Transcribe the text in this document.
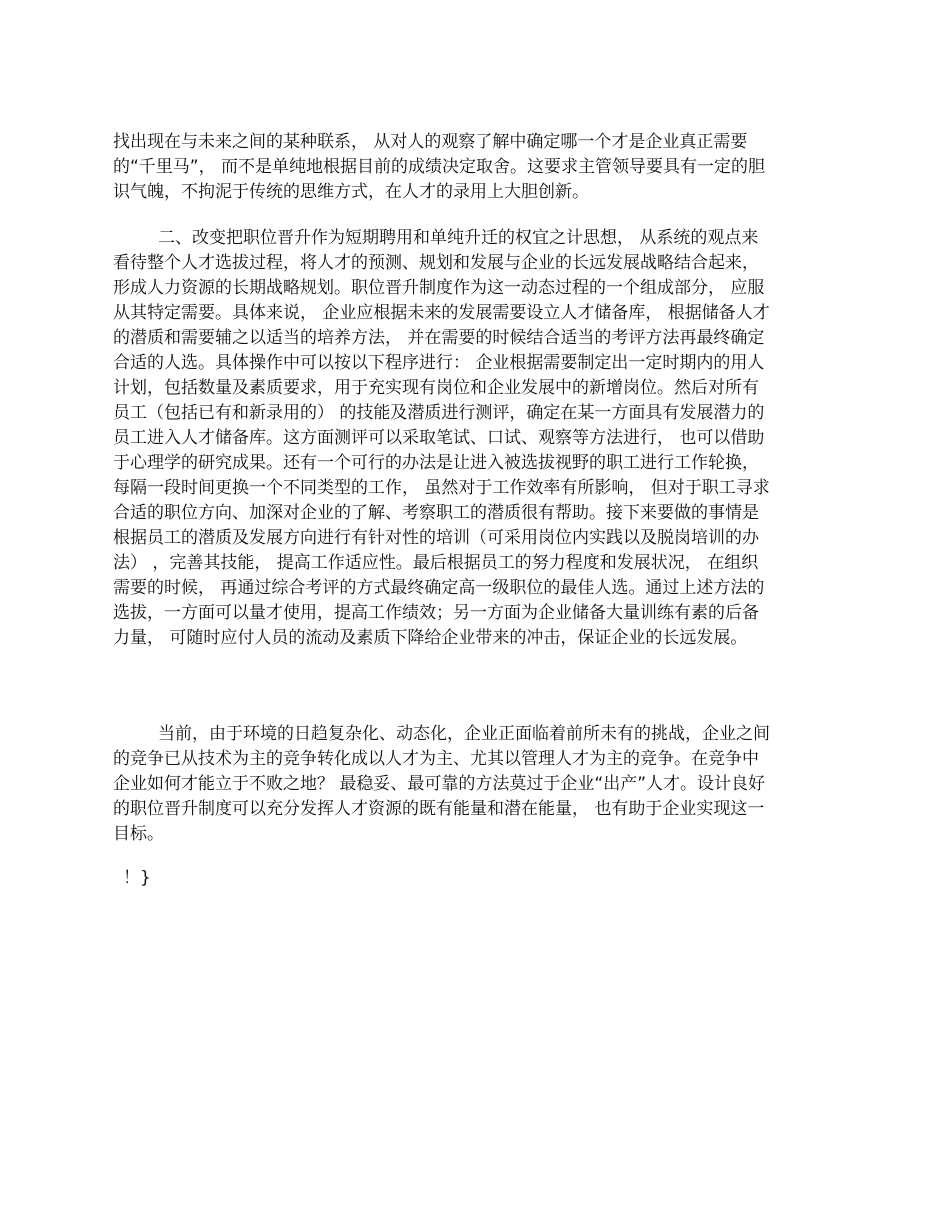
找出现在与未来之间的某种联系， 从对人的观察了解中确定哪一个才是企业真正需要的“千里马”， 而不是单纯地根据目前的成绩决定取舍。这要求主管领导要具有一定的胆识气魄，不拘泥于传统的思维方式，在人才的录用上大胆创新。

二、改变把职位晋升作为短期聘用和单纯升迁的权宜之计思想， 从系统的观点来看待整个人才选拔过程，将人才的预测、规划和发展与企业的长远发展战略结合起来， 形成人力资源的长期战略规划。职位晋升制度作为这一动态过程的一个组成部分， 应服从其特定需要。具体来说， 企业应根据未来的发展需要设立人才储备库， 根据储备人才的潜质和需要辅之以适当的培养方法， 并在需要的时候结合适当的考评方法再最终确定合适的人选。具体操作中可以按以下程序进行： 企业根据需要制定出一定时期内的用人计划，包括数量及素质要求，用于充实现有岗位和企业发展中的新增岗位。然后对所有员工（包括已有和新录用的） 的技能及潜质进行测评，确定在某一方面具有发展潜力的员工进入人才储备库。这方面测评可以采取笔试、口试、观察等方法进行， 也可以借助于心理学的研究成果。还有一个可行的办法是让进入被选拔视野的职工进行工作轮换， 每隔一段时间更换一个不同类型的工作， 虽然对于工作效率有所影响， 但对于职工寻求合适的职位方向、加深对企业的了解、考察职工的潜质很有帮助。接下来要做的事情是根据员工的潜质及发展方向进行有针对性的培训（可采用岗位内实践以及脱岗培训的办法） ，完善其技能， 提高工作适应性。最后根据员工的努力程度和发展状况， 在组织需要的时候， 再通过综合考评的方式最终确定高一级职位的最佳人选。通过上述方法的选拔，一方面可以量才使用，提高工作绩效；另一方面为企业储备大量训练有素的后备力量， 可随时应付人员的流动及素质下降给企业带来的冲击，保证企业的长远发展。

当前，由于环境的日趋复杂化、动态化，企业正面临着前所未有的挑战，企业之间的竞争已从技术为主的竞争转化成以人才为主、尤其以管理人才为主的竞争。在竞争中企业如何才能立于不败之地？ 最稳妥、最可靠的方法莫过于企业“出产”人才。设计良好的职位晋升制度可以充分发挥人才资源的既有能量和潜在能量， 也有助于企业实现这一目标。

！}
